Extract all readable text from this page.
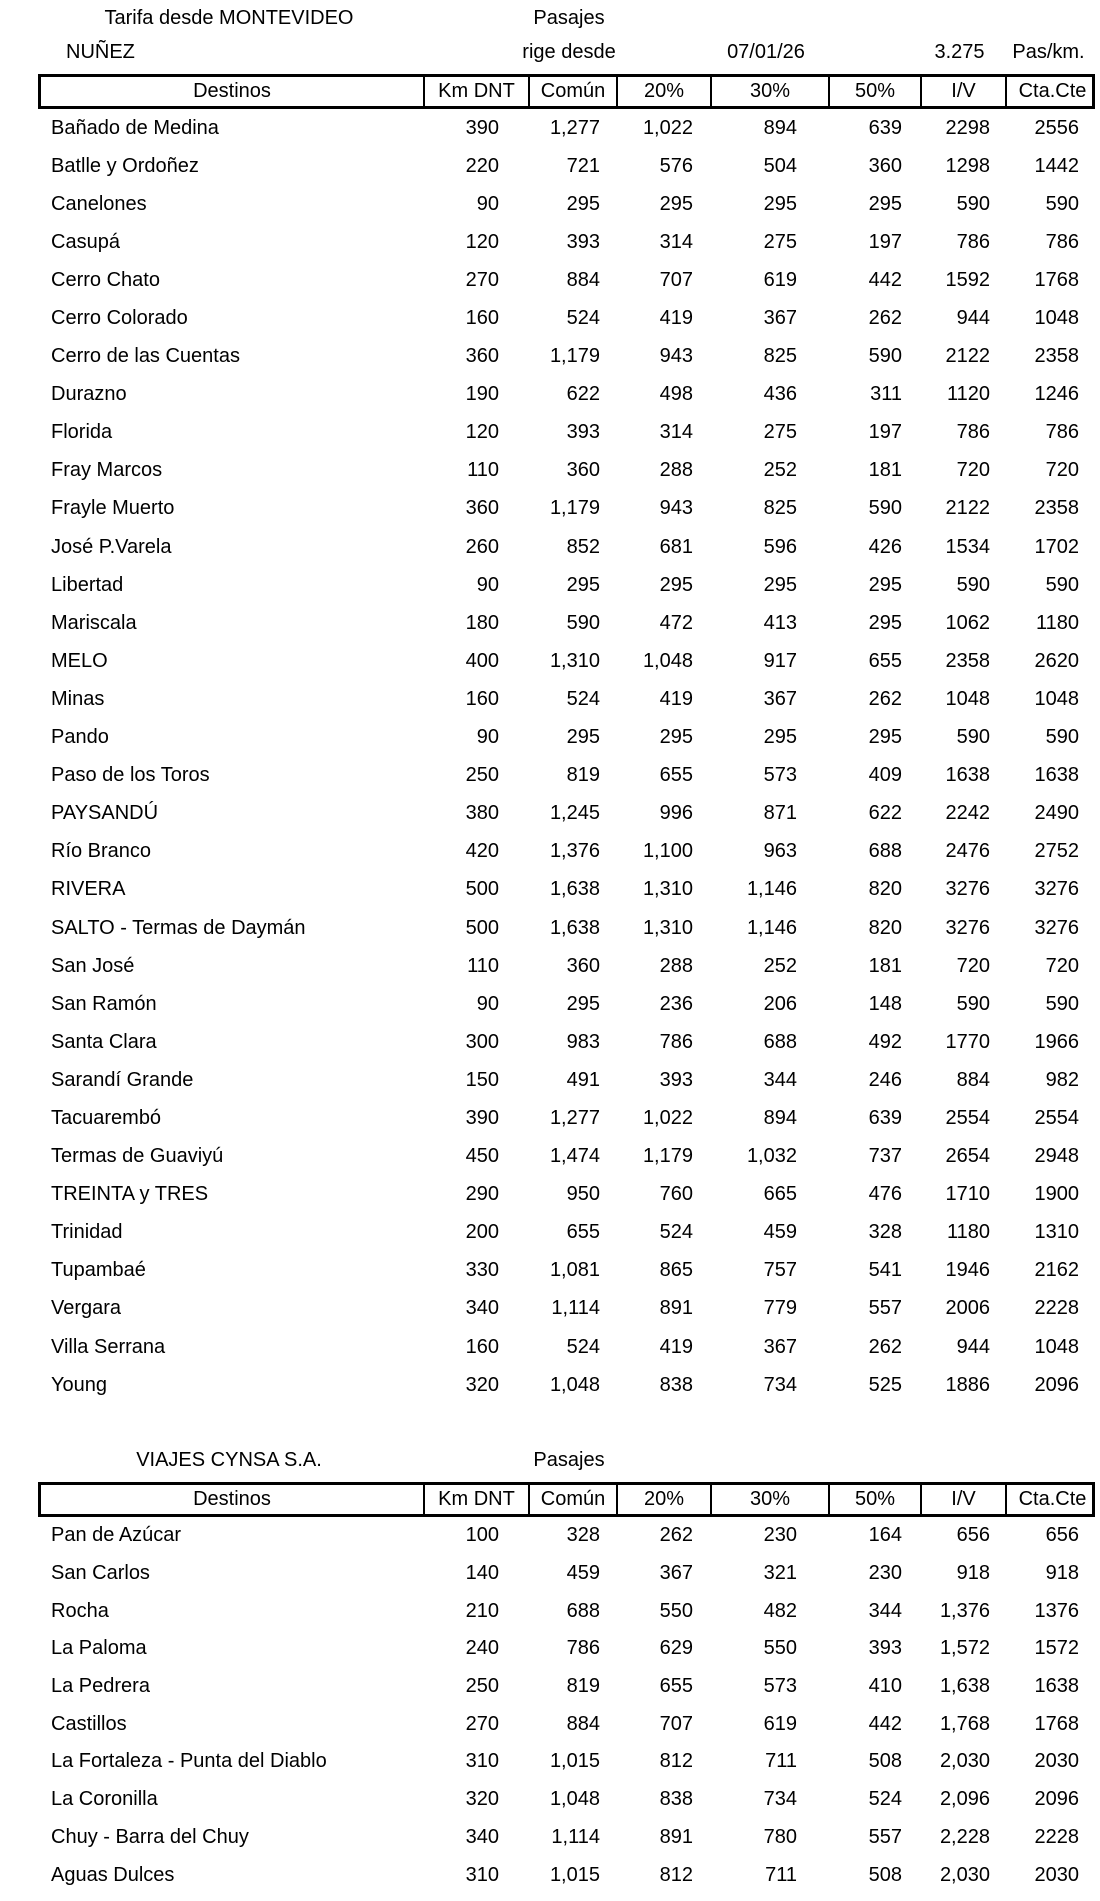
Tarifa desde MONTEVIDEO	Pasajes
NUÑEZ	rige desde	07/01/26	3.275 Pas/km.
Destinos	Km DNT	Común	20%	30%	50%	I/V	Cta.Cte
Bañado de Medina	390	1,277	1,022	894	639	2298	2556
Batlle y Ordoñez	220	721	576	504	360	1298	1442
Canelones	90	295	295	295	295	590	590
Casupá	120	393	314	275	197	786	786
Cerro Chato	270	884	707	619	442	1592	1768
Cerro Colorado	160	524	419	367	262	944	1048
Cerro de las Cuentas	360	1,179	943	825	590	2122	2358
Durazno	190	622	498	436	311	1120	1246
Florida	120	393	314	275	197	786	786
Fray Marcos	110	360	288	252	181	720	720
Frayle Muerto	360	1,179	943	825	590	2122	2358
José P.Varela	260	852	681	596	426	1534	1702
Libertad	90	295	295	295	295	590	590
Mariscala	180	590	472	413	295	1062	1180
MELO	400	1,310	1,048	917	655	2358	2620
Minas	160	524	419	367	262	1048	1048
Pando	90	295	295	295	295	590	590
Paso de los Toros	250	819	655	573	409	1638	1638
PAYSANDÚ	380	1,245	996	871	622	2242	2490
Río Branco	420	1,376	1,100	963	688	2476	2752
RIVERA	500	1,638	1,310	1,146	820	3276	3276
SALTO - Termas de Daymán	500	1,638	1,310	1,146	820	3276	3276
San José	110	360	288	252	181	720	720
San Ramón	90	295	236	206	148	590	590
Santa Clara	300	983	786	688	492	1770	1966
Sarandí Grande	150	491	393	344	246	884	982
Tacuarembó	390	1,277	1,022	894	639	2554	2554
Termas de Guaviyú	450	1,474	1,179	1,032	737	2654	2948
TREINTA y TRES	290	950	760	665	476	1710	1900
Trinidad	200	655	524	459	328	1180	1310
Tupambaé	330	1,081	865	757	541	1946	2162
Vergara	340	1,114	891	779	557	2006	2228
Villa Serrana	160	524	419	367	262	944	1048
Young	320	1,048	838	734	525	1886	2096
VIAJES CYNSA S.A.	Pasajes
Destinos	Km DNT	Común	20%	30%	50%	I/V	Cta.Cte
Pan de Azúcar	100	328	262	230	164	656	656
San Carlos	140	459	367	321	230	918	918
Rocha	210	688	550	482	344	1,376	1376
La Paloma	240	786	629	550	393	1,572	1572
La Pedrera	250	819	655	573	410	1,638	1638
Castillos	270	884	707	619	442	1,768	1768
La Fortaleza - Punta del Diablo	310	1,015	812	711	508	2,030	2030
La Coronilla	320	1,048	838	734	524	2,096	2096
Chuy - Barra del Chuy	340	1,114	891	780	557	2,228	2228
Aguas Dulces	310	1,015	812	711	508	2,030	2030
